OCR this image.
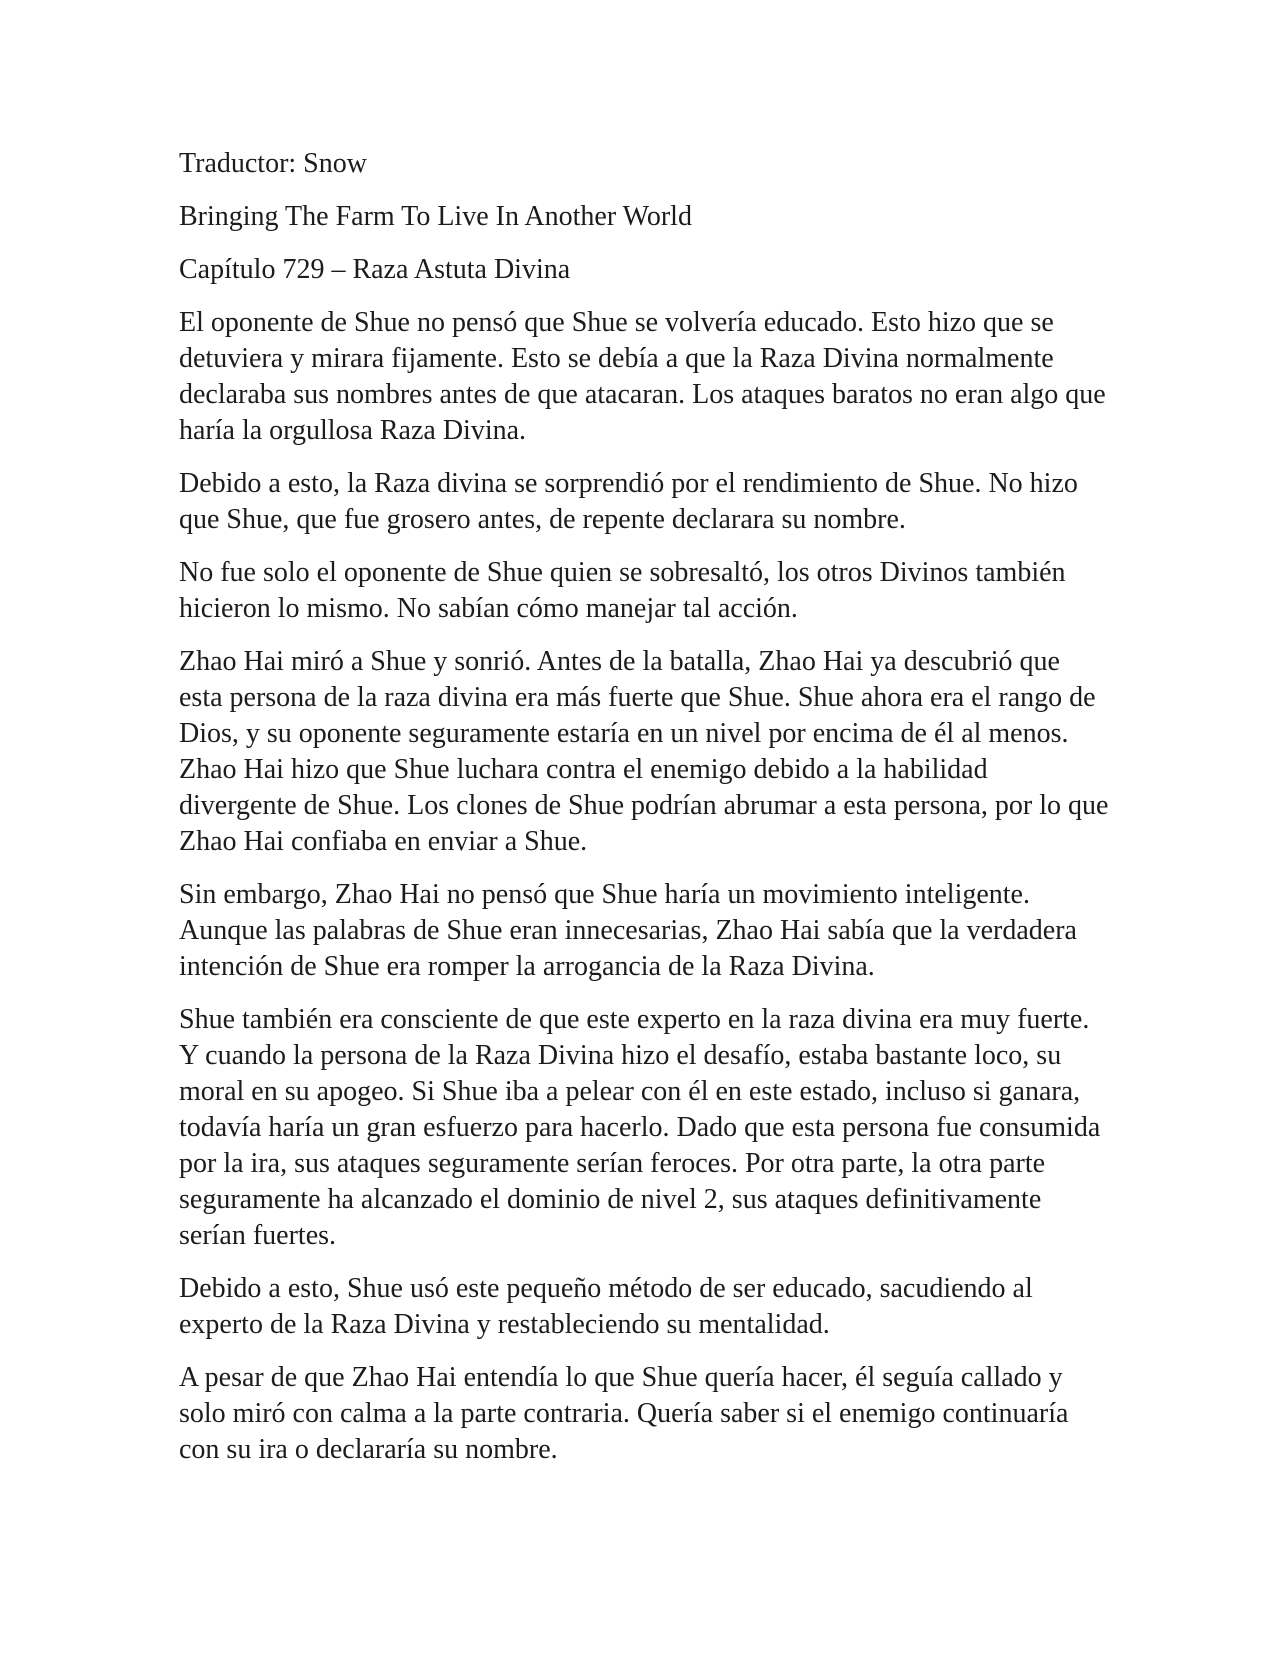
Traductor: Snow

Bringing The Farm To Live In Another World

Capítulo 729 – Raza Astuta Divina

El oponente de Shue no pensó que Shue se volvería educado. Esto hizo que se detuviera y mirara fijamente. Esto se debía a que la Raza Divina normalmente declaraba sus nombres antes de que atacaran. Los ataques baratos no eran algo que haría la orgullosa Raza Divina.

Debido a esto, la Raza divina se sorprendió por el rendimiento de Shue. No hizo que Shue, que fue grosero antes, de repente declarara su nombre.

No fue solo el oponente de Shue quien se sobresaltó, los otros Divinos también hicieron lo mismo. No sabían cómo manejar tal acción.

Zhao Hai miró a Shue y sonrió. Antes de la batalla, Zhao Hai ya descubrió que esta persona de la raza divina era más fuerte que Shue. Shue ahora era el rango de Dios, y su oponente seguramente estaría en un nivel por encima de él al menos. Zhao Hai hizo que Shue luchara contra el enemigo debido a la habilidad divergente de Shue. Los clones de Shue podrían abrumar a esta persona, por lo que Zhao Hai confiaba en enviar a Shue.

Sin embargo, Zhao Hai no pensó que Shue haría un movimiento inteligente. Aunque las palabras de Shue eran innecesarias, Zhao Hai sabía que la verdadera intención de Shue era romper la arrogancia de la Raza Divina.

Shue también era consciente de que este experto en la raza divina era muy fuerte. Y cuando la persona de la Raza Divina hizo el desafío, estaba bastante loco, su moral en su apogeo. Si Shue iba a pelear con él en este estado, incluso si ganara, todavía haría un gran esfuerzo para hacerlo. Dado que esta persona fue consumida por la ira, sus ataques seguramente serían feroces. Por otra parte, la otra parte seguramente ha alcanzado el dominio de nivel 2, sus ataques definitivamente serían fuertes.

Debido a esto, Shue usó este pequeño método de ser educado, sacudiendo al experto de la Raza Divina y restableciendo su mentalidad.

A pesar de que Zhao Hai entendía lo que Shue quería hacer, él seguía callado y solo miró con calma a la parte contraria. Quería saber si el enemigo continuaría con su ira o declararía su nombre.
